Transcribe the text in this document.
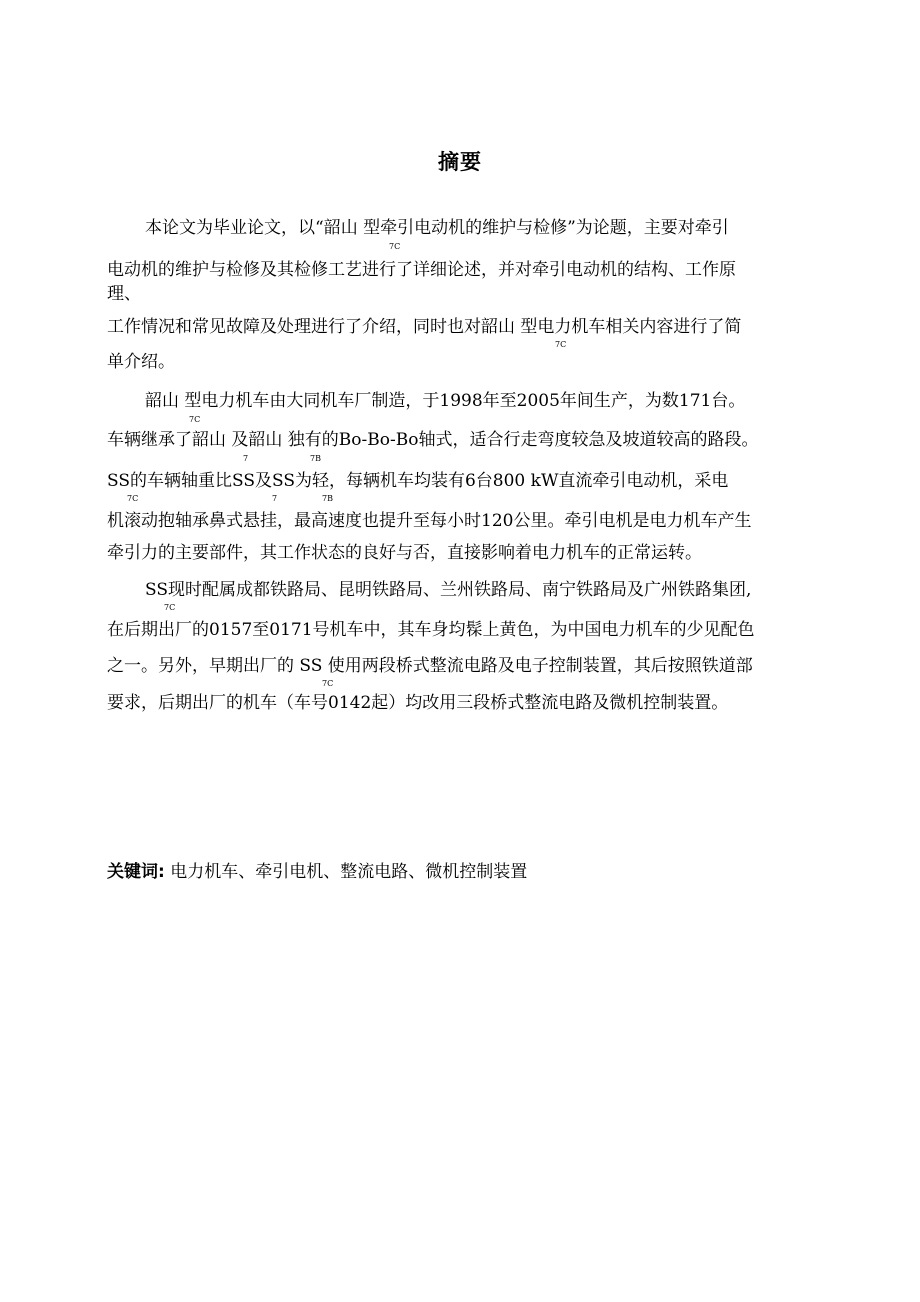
摘要
本论文为毕业论文，以“韶山 型牵引电动机的维护与检修”为论题，主要对牵引
7C
电动机的维护与检修及其检修工艺进行了详细论述，并对牵引电动机的结构、工作原
理、
工作情况和常见故障及处理进行了介绍，同时也对韶山 型电力机车相关内容进行了简
7C
单介绍。
韶山 型电力机车由大同机车厂制造，于1998年至2005年间生产，为数171台。
7C
车辆继承了韶山 及韶山 独有的Bo-Bo-Bo轴式，适合行走弯度较急及坡道较高的路段。
7	7B
SS的车辆轴重比SS及SS为轻，每辆机车均装有6台800 kW直流牵引电动机，采电
7C	7	7B
机滚动抱轴承鼻式悬挂，最高速度也提升至每小时120公里。牵引电机是电力机车产生
牵引力的主要部件，其工作状态的良好与否，直接影响着电力机车的正常运转。
SS现时配属成都铁路局、昆明铁路局、兰州铁路局、南宁铁路局及广州铁路集团,
7C
在后期出厂的0157至0171号机车中，其车身均髹上黄色，为中国电力机车的少见配色
之一。另外，早期出厂的 SS 使用两段桥式整流电路及电子控制装置，其后按照铁道部
7C
要求，后期出厂的机车（车号0142起）均改用三段桥式整流电路及微机控制装置。
关键词: 电力机车、牵引电机、整流电路、微机控制装置
